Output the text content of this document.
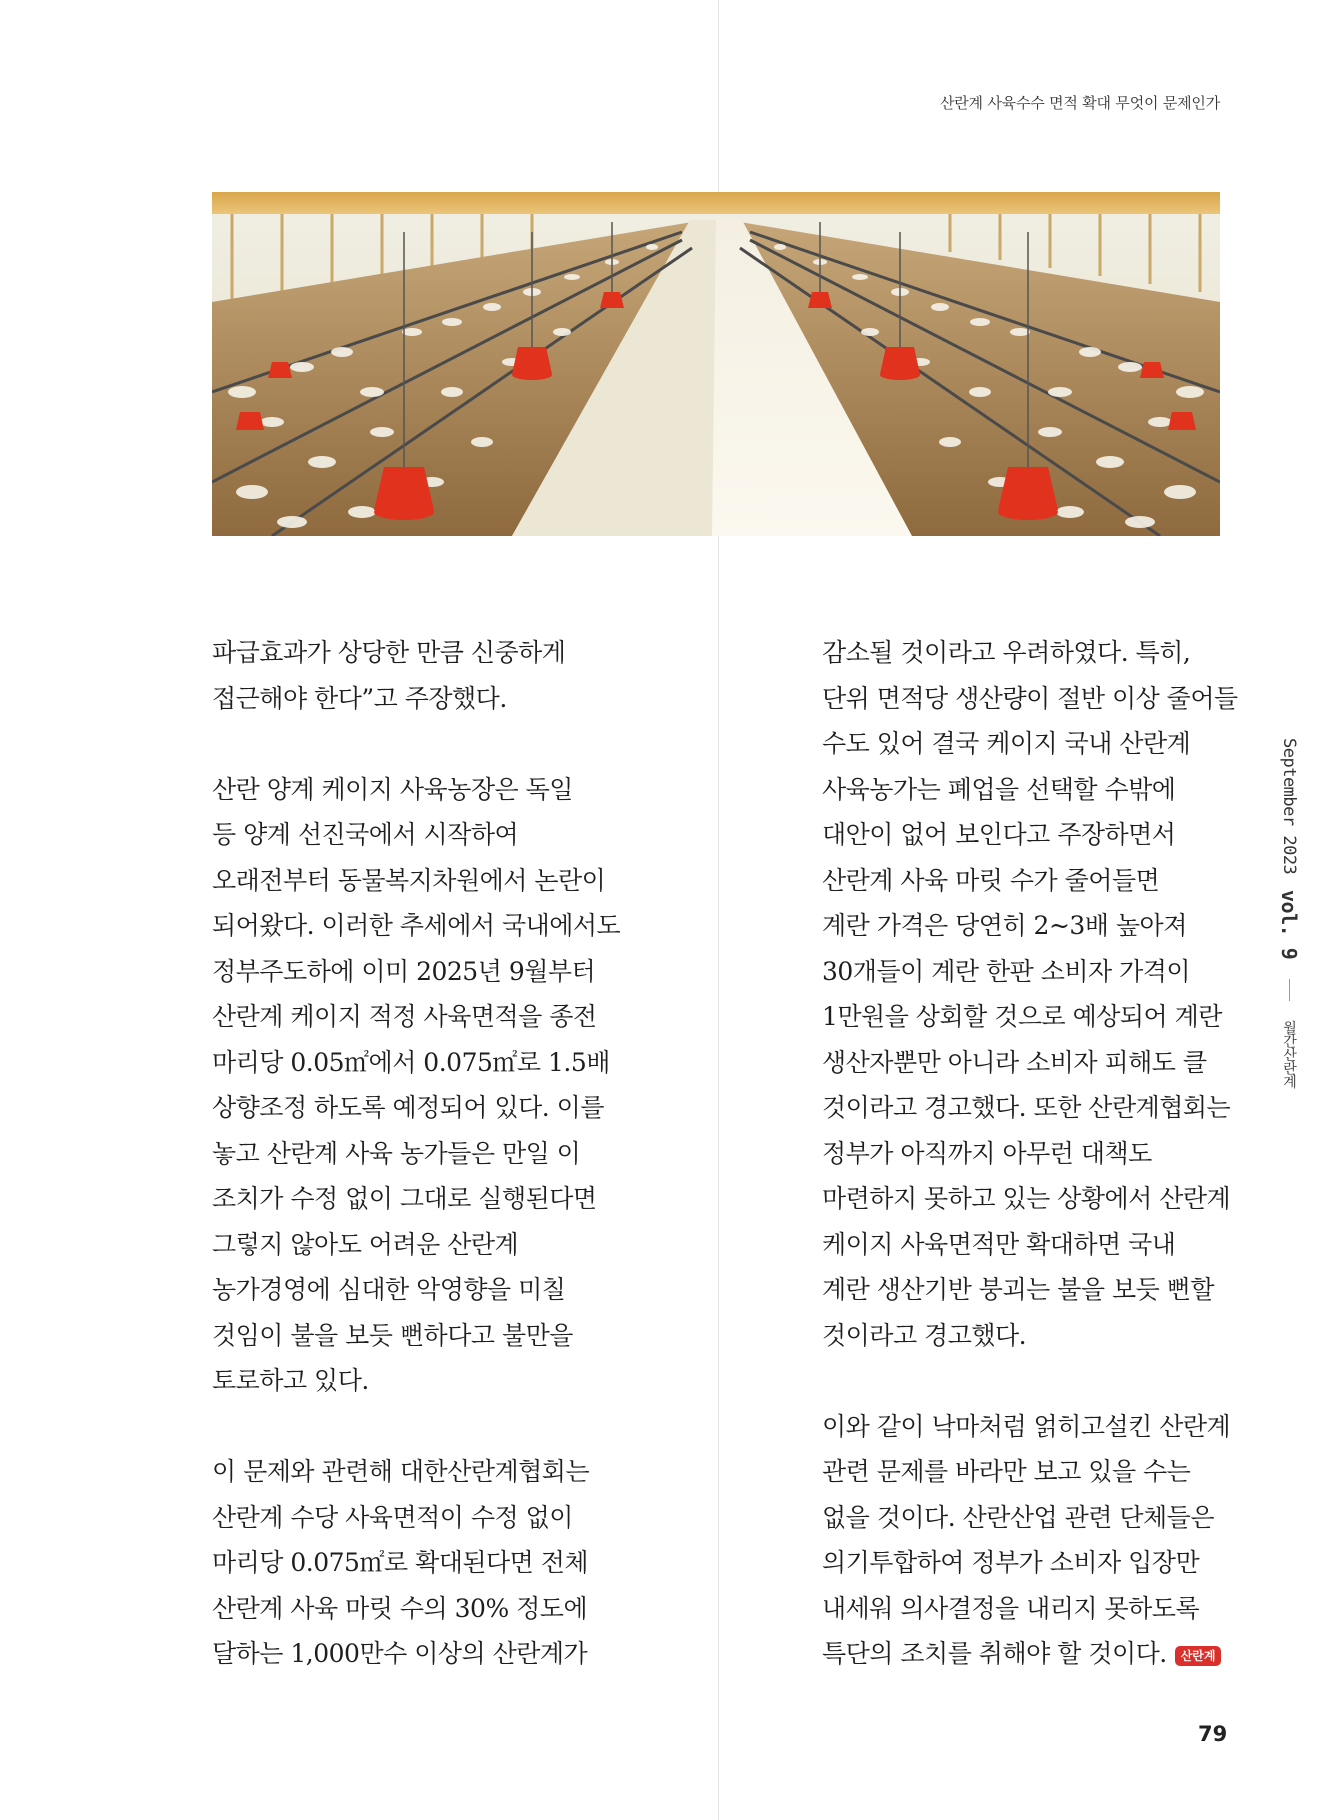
산란계 사육수수 면적 확대 무엇이 문제인가

파급효과가 상당한 만큼 신중하게
접근해야 한다”고 주장했다.

산란 양계 케이지 사육농장은 독일
등 양계 선진국에서 시작하여
오래전부터 동물복지차원에서 논란이
되어왔다. 이러한 추세에서 국내에서도
정부주도하에 이미 2025년 9월부터
산란계 케이지 적정 사육면적을 종전
마리당 0.05㎡에서 0.075㎡로 1.5배
상향조정 하도록 예정되어 있다. 이를
놓고 산란계 사육 농가들은 만일 이
조치가 수정 없이 그대로 실행된다면
그렇지 않아도 어려운 산란계
농가경영에 심대한 악영향을 미칠
것임이 불을 보듯 뻔하다고 불만을
토로하고 있다.

이 문제와 관련해 대한산란계협회는
산란계 수당 사육면적이 수정 없이
마리당 0.075㎡로 확대된다면 전체
산란계 사육 마릿 수의 30% 정도에
달하는 1,000만수 이상의 산란계가

감소될 것이라고 우려하였다. 특히,
단위 면적당 생산량이 절반 이상 줄어들
수도 있어 결국 케이지 국내 산란계
사육농가는 폐업을 선택할 수밖에
대안이 없어 보인다고 주장하면서
산란계 사육 마릿 수가 줄어들면
계란 가격은 당연히 2~3배 높아져
30개들이 계란 한판 소비자 가격이
1만원을 상회할 것으로 예상되어 계란
생산자뿐만 아니라 소비자 피해도 클
것이라고 경고했다. 또한 산란계협회는
정부가 아직까지 아무런 대책도
마련하지 못하고 있는 상황에서 산란계
케이지 사육면적만 확대하면 국내
계란 생산기반 붕괴는 불을 보듯 뻔할
것이라고 경고했다.

이와 같이 낙마처럼 얽히고설킨 산란계
관련 문제를 바라만 보고 있을 수는
없을 것이다. 산란산업 관련 단체들은
의기투합하여 정부가 소비자 입장만
내세워 의사결정을 내리지 못하도록
특단의 조치를 취해야 할 것이다. 산란계

September 2023 vol. 9  월간산란계
79
